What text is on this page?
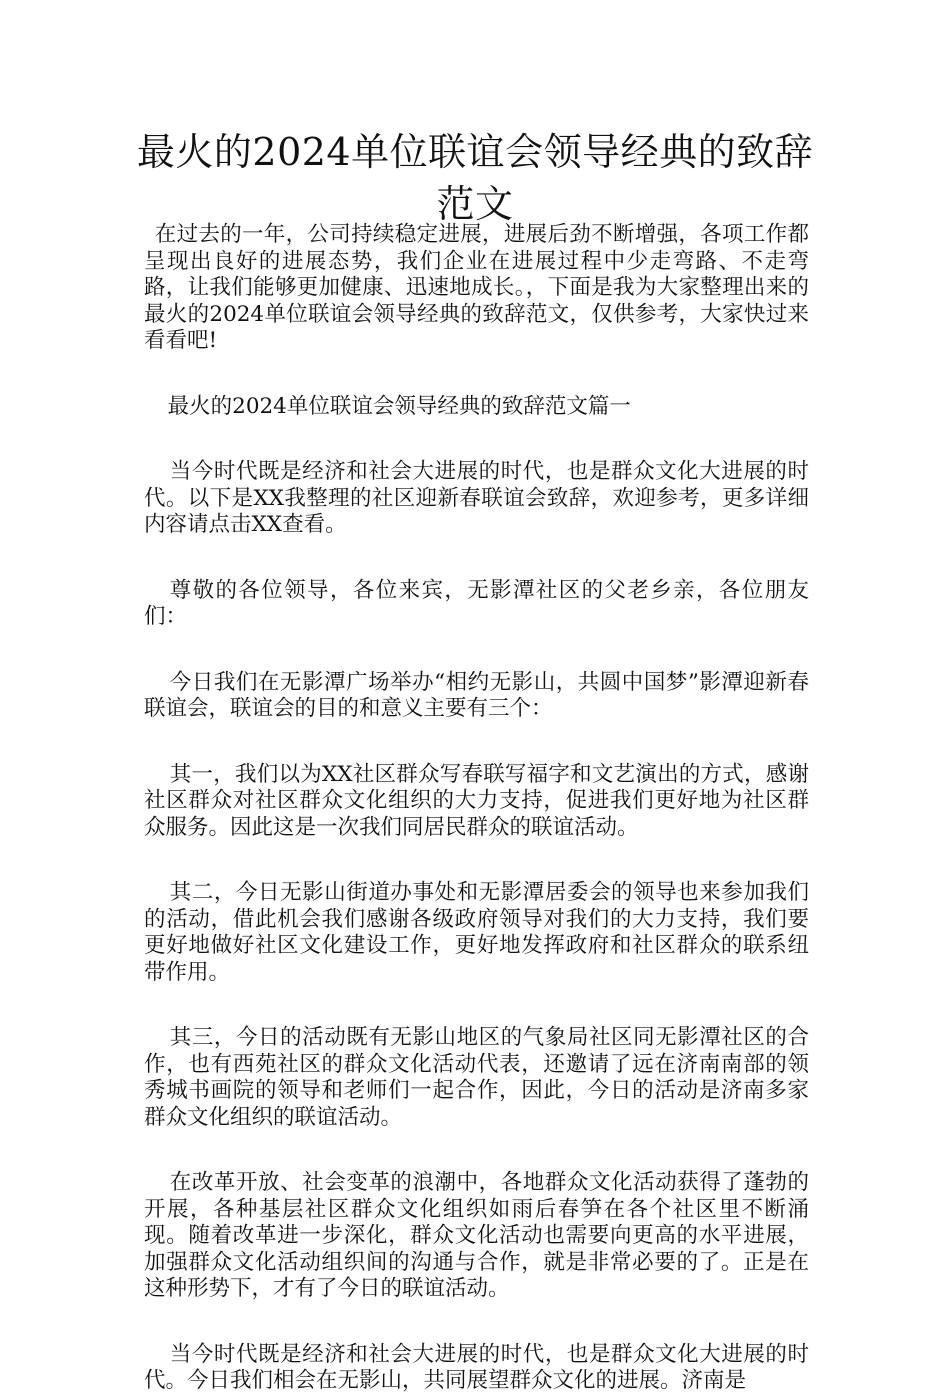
最火的2024单位联谊会领导经典的致辞范文

在过去的一年，公司持续稳定进展，进展后劲不断增强，各项工作都呈现出良好的进展态势，我们企业在进展过程中少走弯路、不走弯路，让我们能够更加健康、迅速地成长。，下面是我为大家整理出来的最火的2024单位联谊会领导经典的致辞范文，仅供参考，大家快过来看看吧!

最火的2024单位联谊会领导经典的致辞范文篇一

当今时代既是经济和社会大进展的时代，也是群众文化大进展的时代。以下是XX我整理的社区迎新春联谊会致辞，欢迎参考，更多详细内容请点击XX查看。

尊敬的各位领导，各位来宾，无影潭社区的父老乡亲，各位朋友们：

今日我们在无影潭广场举办“相约无影山，共圆中国梦”影潭迎新春联谊会，联谊会的目的和意义主要有三个：

其一，我们以为XX社区群众写春联写福字和文艺演出的方式，感谢社区群众对社区群众文化组织的大力支持，促进我们更好地为社区群众服务。因此这是一次我们同居民群众的联谊活动。

其二，今日无影山街道办事处和无影潭居委会的领导也来参加我们的活动，借此机会我们感谢各级政府领导对我们的大力支持，我们要更好地做好社区文化建设工作，更好地发挥政府和社区群众的联系纽带作用。

其三，今日的活动既有无影山地区的气象局社区同无影潭社区的合作，也有西苑社区的群众文化活动代表，还邀请了远在济南南部的领秀城书画院的领导和老师们一起合作，因此，今日的活动是济南多家群众文化组织的联谊活动。

在改革开放、社会变革的浪潮中，各地群众文化活动获得了蓬勃的开展，各种基层社区群众文化组织如雨后春笋在各个社区里不断涌现。随着改革进一步深化，群众文化活动也需要向更高的水平进展，加强群众文化活动组织间的沟通与合作，就是非常必要的了。正是在这种形势下，才有了今日的联谊活动。

当今时代既是经济和社会大进展的时代，也是群众文化大进展的时代。今日我们相会在无影山，共同展望群众文化的进展。济南是
